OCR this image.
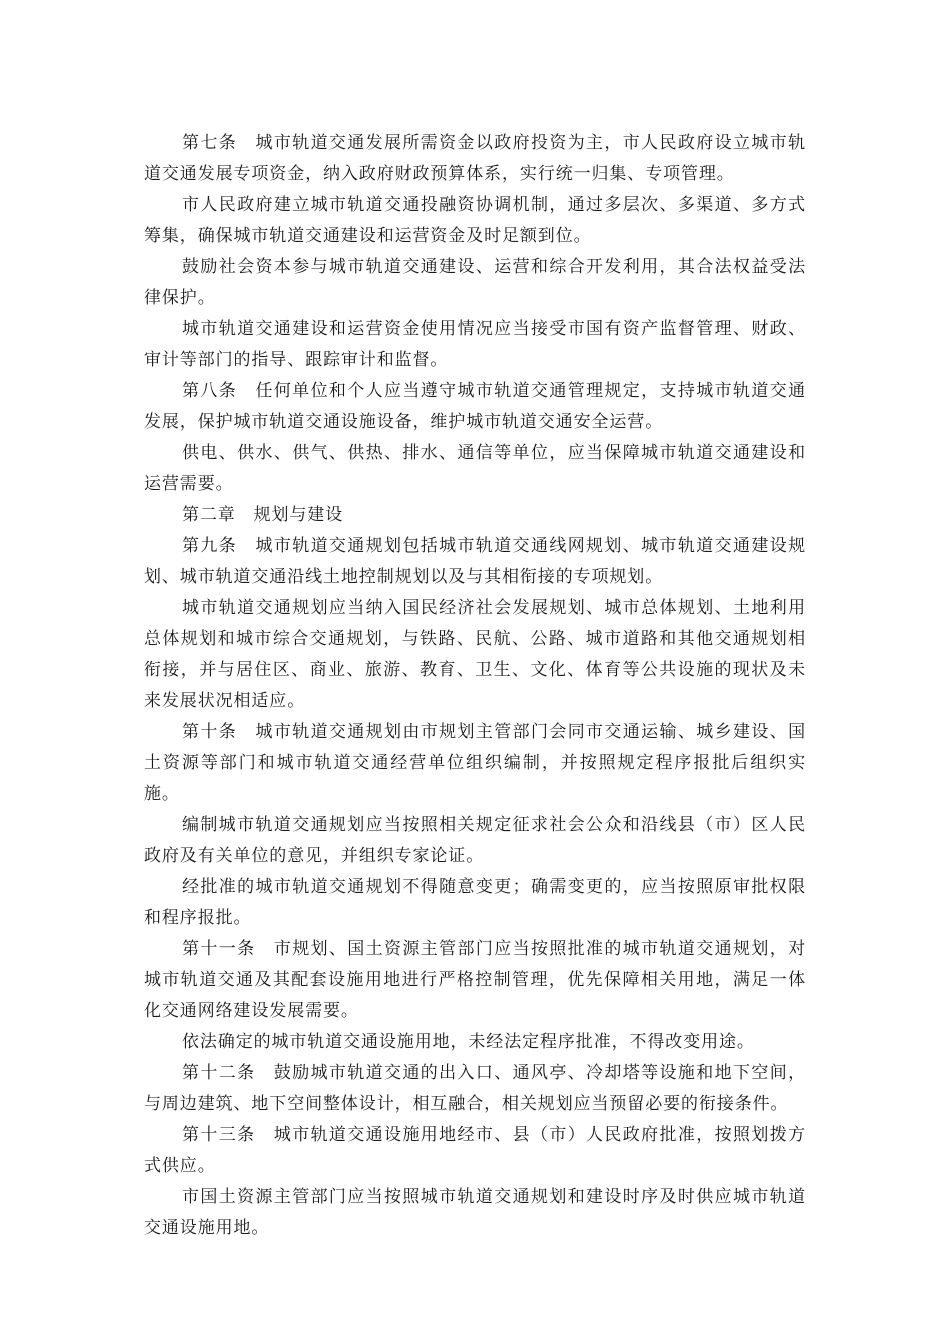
第七条　城市轨道交通发展所需资金以政府投资为主，市人民政府设立城市轨道交通发展专项资金，纳入政府财政预算体系，实行统一归集、专项管理。

市人民政府建立城市轨道交通投融资协调机制，通过多层次、多渠道、多方式筹集，确保城市轨道交通建设和运营资金及时足额到位。

鼓励社会资本参与城市轨道交通建设、运营和综合开发利用，其合法权益受法律保护。

城市轨道交通建设和运营资金使用情况应当接受市国有资产监督管理、财政、审计等部门的指导、跟踪审计和监督。

第八条　任何单位和个人应当遵守城市轨道交通管理规定，支持城市轨道交通发展，保护城市轨道交通设施设备，维护城市轨道交通安全运营。

供电、供水、供气、供热、排水、通信等单位，应当保障城市轨道交通建设和运营需要。

第二章　规划与建设

第九条　城市轨道交通规划包括城市轨道交通线网规划、城市轨道交通建设规划、城市轨道交通沿线土地控制规划以及与其相衔接的专项规划。

城市轨道交通规划应当纳入国民经济社会发展规划、城市总体规划、土地利用总体规划和城市综合交通规划，与铁路、民航、公路、城市道路和其他交通规划相衔接，并与居住区、商业、旅游、教育、卫生、文化、体育等公共设施的现状及未来发展状况相适应。

第十条　城市轨道交通规划由市规划主管部门会同市交通运输、城乡建设、国土资源等部门和城市轨道交通经营单位组织编制，并按照规定程序报批后组织实施。

编制城市轨道交通规划应当按照相关规定征求社会公众和沿线县（市）区人民政府及有关单位的意见，并组织专家论证。

经批准的城市轨道交通规划不得随意变更；确需变更的，应当按照原审批权限和程序报批。

第十一条　市规划、国土资源主管部门应当按照批准的城市轨道交通规划，对城市轨道交通及其配套设施用地进行严格控制管理，优先保障相关用地，满足一体化交通网络建设发展需要。

依法确定的城市轨道交通设施用地，未经法定程序批准，不得改变用途。

第十二条　鼓励城市轨道交通的出入口、通风亭、冷却塔等设施和地下空间，与周边建筑、地下空间整体设计，相互融合，相关规划应当预留必要的衔接条件。

第十三条　城市轨道交通设施用地经市、县（市）人民政府批准，按照划拨方式供应。

市国土资源主管部门应当按照城市轨道交通规划和建设时序及时供应城市轨道交通设施用地。
